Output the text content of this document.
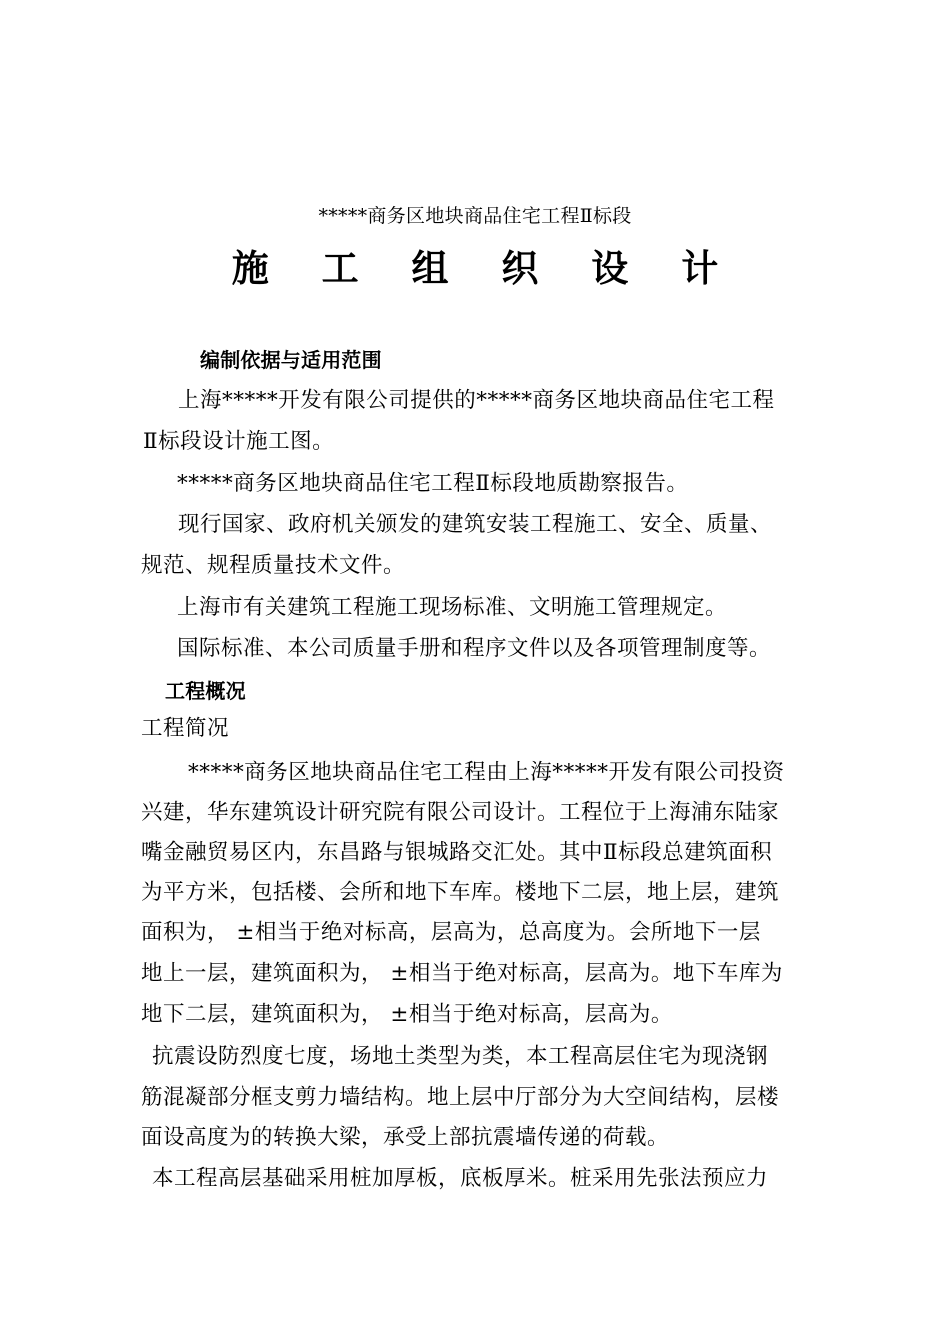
*****商务区地块商品住宅工程Ⅱ标段
施 工 组 织 设 计
编制依据与适用范围
上海*****开发有限公司提供的*****商务区地块商品住宅工程
Ⅱ标段设计施工图。
*****商务区地块商品住宅工程Ⅱ标段地质勘察报告。
现行国家、政府机关颁发的建筑安装工程施工、安全、质量、
规范、规程质量技术文件。
上海市有关建筑工程施工现场标准、文明施工管理规定。
国际标准、本公司质量手册和程序文件以及各项管理制度等。
工程概况
工程简况
*****商务区地块商品住宅工程由上海*****开发有限公司投资
兴建，华东建筑设计研究院有限公司设计。工程位于上海浦东陆家
嘴金融贸易区内，东昌路与银城路交汇处。其中Ⅱ标段总建筑面积
为平方米，包括楼、会所和地下车库。楼地下二层，地上层，建筑
面积为， ±相当于绝对标高，层高为，总高度为。会所地下一层
地上一层，建筑面积为， ±相当于绝对标高，层高为。地下车库为
地下二层，建筑面积为， ±相当于绝对标高，层高为。
抗震设防烈度七度，场地土类型为类，本工程高层住宅为现浇钢
筋混凝部分框支剪力墙结构。地上层中厅部分为大空间结构，层楼
面设高度为的转换大梁，承受上部抗震墙传递的荷载。
本工程高层基础采用桩加厚板，底板厚米。桩采用先张法预应力
